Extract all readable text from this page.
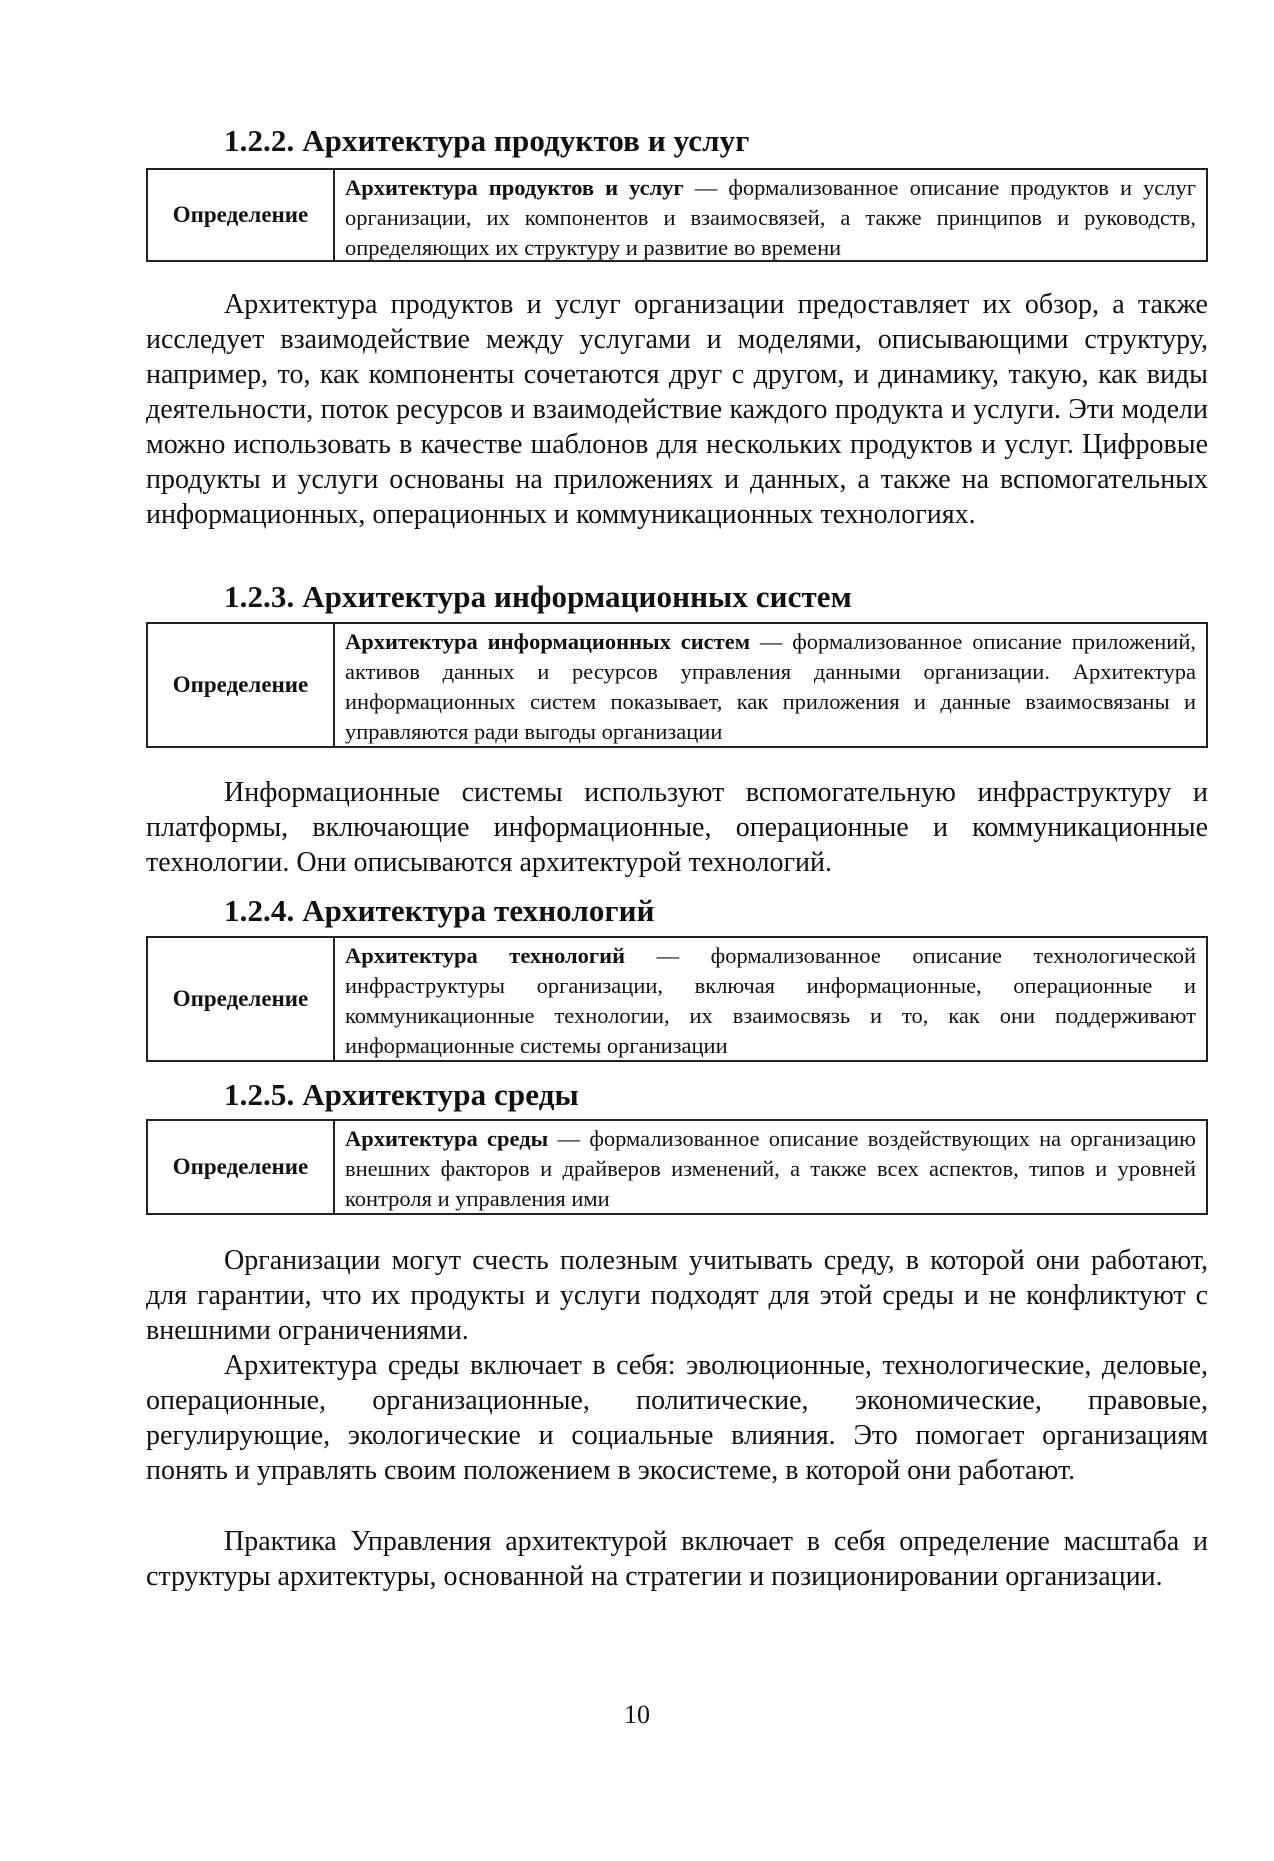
1.2.2. Архитектура продуктов и услуг
Определение
Архитектура продуктов и услуг — формализованное описание продуктов и услуг организации, их компонентов и взаимосвязей, а также принципов и руководств, определяющих их структуру и развитие во времени

Архитектура продуктов и услуг организации предоставляет их обзор, а также исследует взаимодействие между услугами и моделями, описывающими структуру, например, то, как компоненты сочетаются друг с другом, и динамику, такую, как виды деятельности, поток ресурсов и взаимодействие каждого продукта и услуги. Эти модели можно использовать в качестве шаблонов для нескольких продуктов и услуг. Цифровые продукты и услуги основаны на приложениях и данных, а также на вспомогательных информационных, операционных и коммуникационных технологиях.

1.2.3. Архитектура информационных систем
Определение
Архитектура информационных систем — формализованное описание приложений, активов данных и ресурсов управления данными организации. Архитектура информационных систем показывает, как приложения и данные взаимосвязаны и управляются ради выгоды организации

Информационные системы используют вспомогательную инфраструктуру и платформы, включающие информационные, операционные и коммуникационные технологии. Они описываются архитектурой технологий.

1.2.4. Архитектура технологий
Определение
Архитектура технологий — формализованное описание технологической инфраструктуры организации, включая информационные, операционные и коммуникационные технологии, их взаимосвязь и то, как они поддерживают информационные системы организации
1.2.5. Архитектура среды
Определение
Архитектура среды — формализованное описание воздействующих на организацию внешних факторов и драйверов изменений, а также всех аспектов, типов и уровней контроля и управления ими

Организации могут счесть полезным учитывать среду, в которой они работают, для гарантии, что их продукты и услуги подходят для этой среды и не конфликтуют с внешними ограничениями.

Архитектура среды включает в себя: эволюционные, технологические, деловые, операционные, организационные, политические, экономические, правовые, регулирующие, экологические и социальные влияния. Это помогает организациям понять и управлять своим положением в экосистеме, в которой они работают.

Практика Управления архитектурой включает в себя определение масштаба и структуры архитектуры, основанной на стратегии и позиционировании организации.

10
